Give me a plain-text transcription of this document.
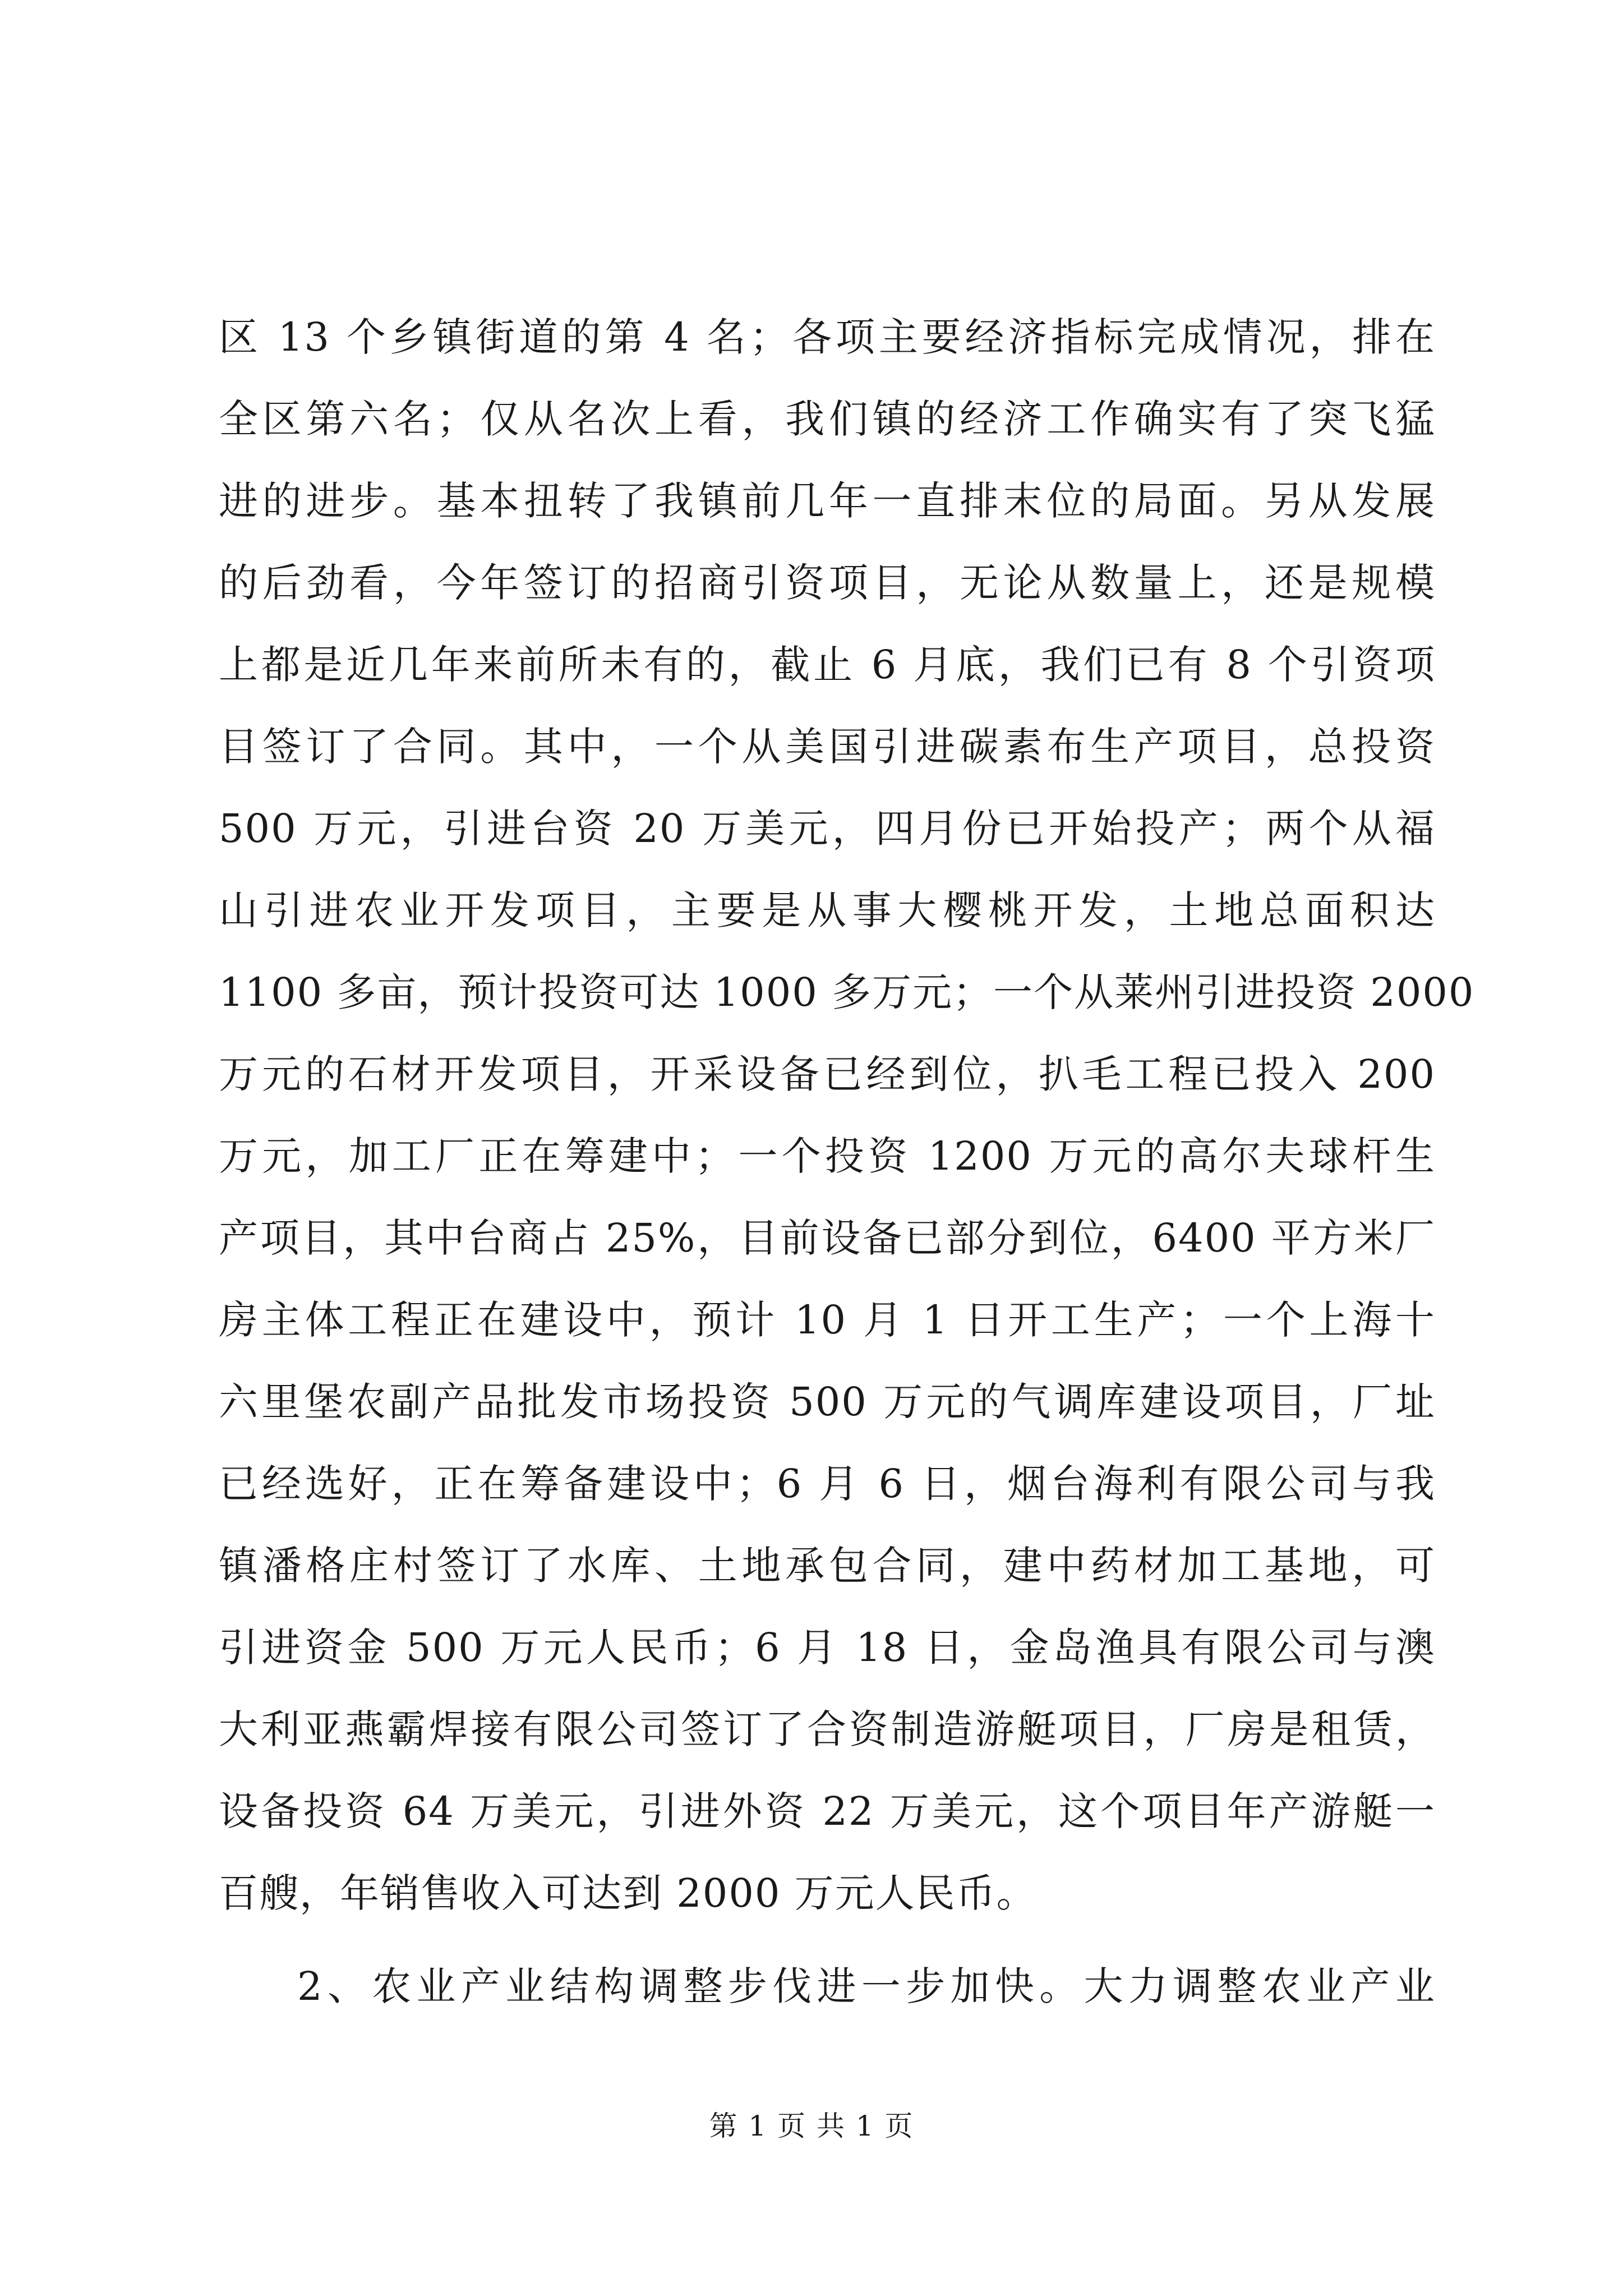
区 13 个乡镇街道的第 4 名；各项主要经济指标完成情况，排在
全区第六名；仅从名次上看，我们镇的经济工作确实有了突飞猛
进的进步。基本扭转了我镇前几年一直排末位的局面。另从发展
的后劲看，今年签订的招商引资项目，无论从数量上，还是规模
上都是近几年来前所未有的，截止 6 月底，我们已有 8 个引资项
目签订了合同。其中，一个从美国引进碳素布生产项目，总投资
500 万元，引进台资 20 万美元，四月份已开始投产；两个从福
山引进农业开发项目，主要是从事大樱桃开发，土地总面积达
1100 多亩，预计投资可达 1000 多万元；一个从莱州引进投资 2000
万元的石材开发项目，开采设备已经到位，扒毛工程已投入 200
万元，加工厂正在筹建中；一个投资 1200 万元的高尔夫球杆生
产项目，其中台商占 25%，目前设备已部分到位，6400 平方米厂
房主体工程正在建设中，预计 10 月 1 日开工生产；一个上海十
六里堡农副产品批发市场投资 500 万元的气调库建设项目，厂址
已经选好，正在筹备建设中；6 月 6 日，烟台海利有限公司与我
镇潘格庄村签订了水库、土地承包合同，建中药材加工基地，可
引进资金 500 万元人民币；6 月 18 日，金岛渔具有限公司与澳
大利亚燕霸焊接有限公司签订了合资制造游艇项目，厂房是租赁，
设备投资 64 万美元，引进外资 22 万美元，这个项目年产游艇一
百艘，年销售收入可达到 2000 万元人民币。
2、农业产业结构调整步伐进一步加快。大力调整农业产业
第 1 页 共 1 页
